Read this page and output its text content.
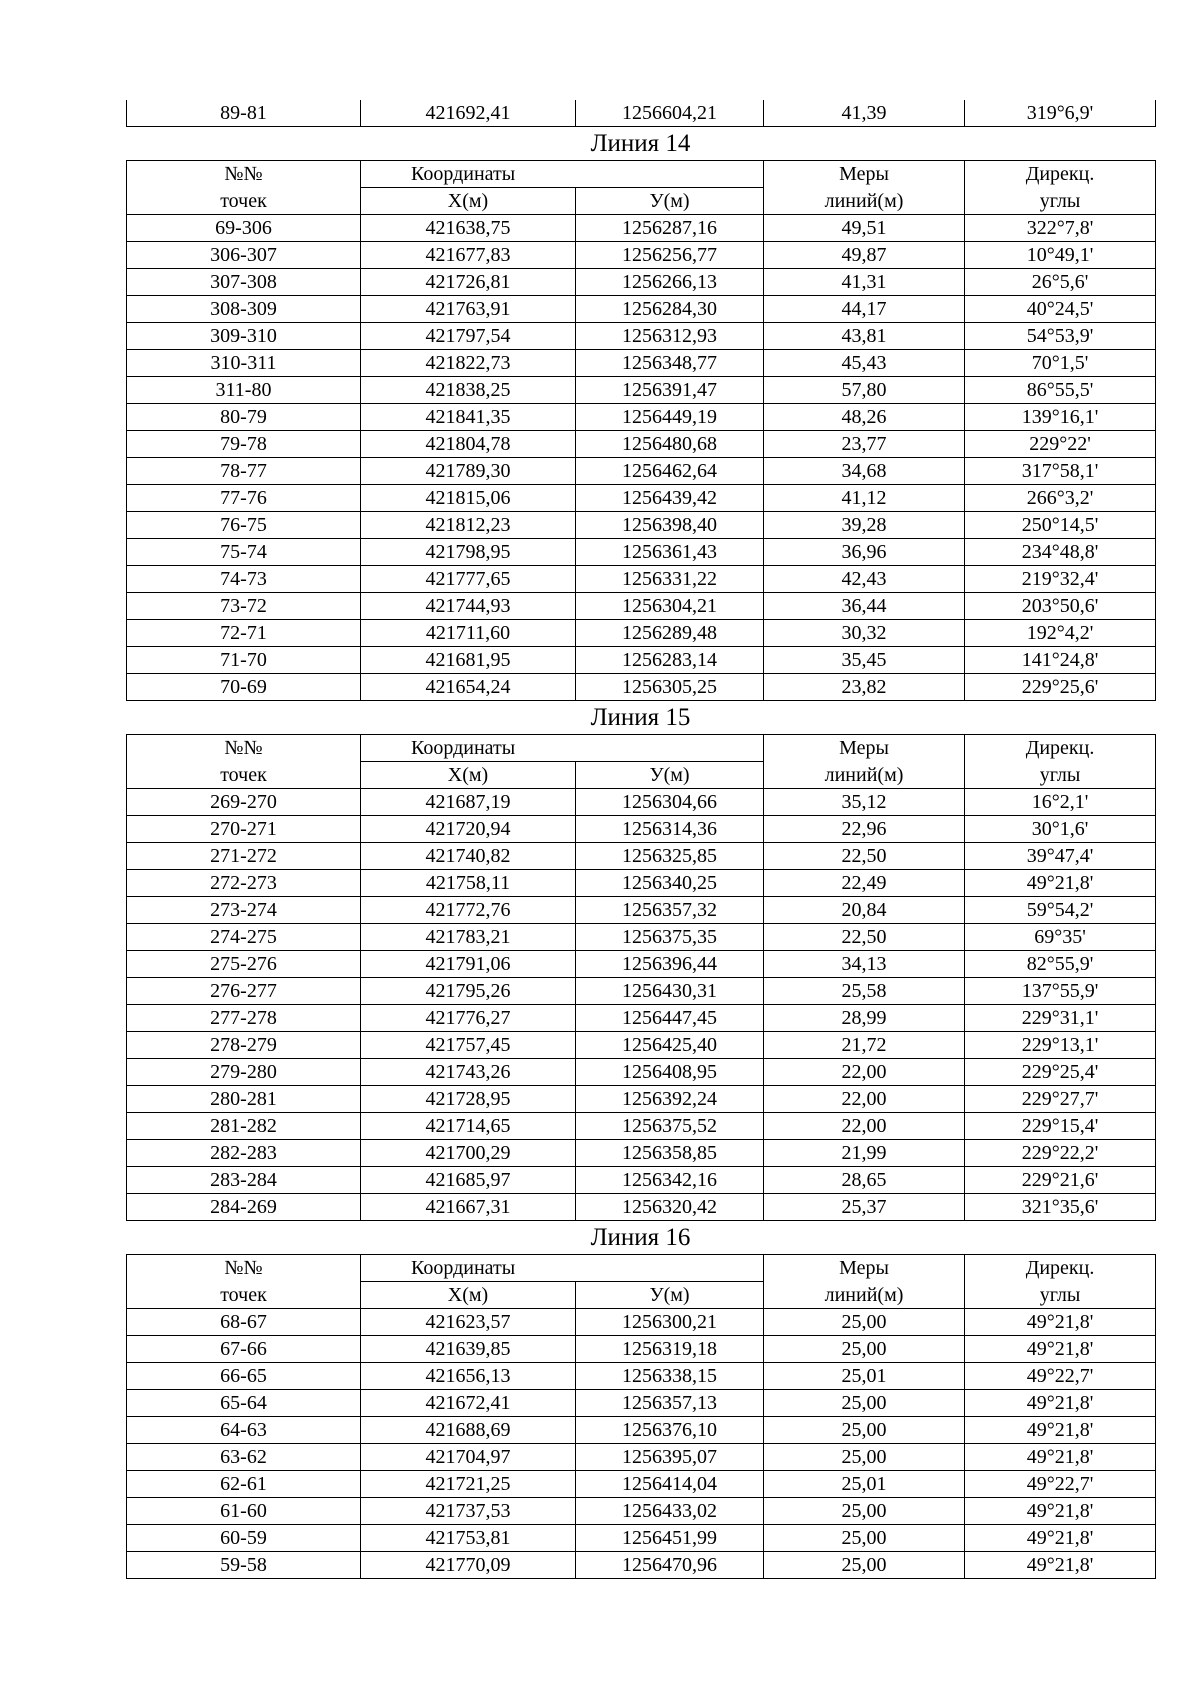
89-81	421692,41	1256604,21	41,39	319°6,9'
Линия 14
№№	Координаты		Меры	Дирекц.
точек	X(м)	У(м)	линий(м)	углы
69-306	421638,75	1256287,16	49,51	322°7,8'
306-307	421677,83	1256256,77	49,87	10°49,1'
307-308	421726,81	1256266,13	41,31	26°5,6'
308-309	421763,91	1256284,30	44,17	40°24,5'
309-310	421797,54	1256312,93	43,81	54°53,9'
310-311	421822,73	1256348,77	45,43	70°1,5'
311-80	421838,25	1256391,47	57,80	86°55,5'
80-79	421841,35	1256449,19	48,26	139°16,1'
79-78	421804,78	1256480,68	23,77	229°22'
78-77	421789,30	1256462,64	34,68	317°58,1'
77-76	421815,06	1256439,42	41,12	266°3,2'
76-75	421812,23	1256398,40	39,28	250°14,5'
75-74	421798,95	1256361,43	36,96	234°48,8'
74-73	421777,65	1256331,22	42,43	219°32,4'
73-72	421744,93	1256304,21	36,44	203°50,6'
72-71	421711,60	1256289,48	30,32	192°4,2'
71-70	421681,95	1256283,14	35,45	141°24,8'
70-69	421654,24	1256305,25	23,82	229°25,6'
Линия 15
№№	Координаты		Меры	Дирекц.
точек	X(м)	У(м)	линий(м)	углы
269-270	421687,19	1256304,66	35,12	16°2,1'
270-271	421720,94	1256314,36	22,96	30°1,6'
271-272	421740,82	1256325,85	22,50	39°47,4'
272-273	421758,11	1256340,25	22,49	49°21,8'
273-274	421772,76	1256357,32	20,84	59°54,2'
274-275	421783,21	1256375,35	22,50	69°35'
275-276	421791,06	1256396,44	34,13	82°55,9'
276-277	421795,26	1256430,31	25,58	137°55,9'
277-278	421776,27	1256447,45	28,99	229°31,1'
278-279	421757,45	1256425,40	21,72	229°13,1'
279-280	421743,26	1256408,95	22,00	229°25,4'
280-281	421728,95	1256392,24	22,00	229°27,7'
281-282	421714,65	1256375,52	22,00	229°15,4'
282-283	421700,29	1256358,85	21,99	229°22,2'
283-284	421685,97	1256342,16	28,65	229°21,6'
284-269	421667,31	1256320,42	25,37	321°35,6'
Линия 16
№№	Координаты		Меры	Дирекц.
точек	X(м)	У(м)	линий(м)	углы
68-67	421623,57	1256300,21	25,00	49°21,8'
67-66	421639,85	1256319,18	25,00	49°21,8'
66-65	421656,13	1256338,15	25,01	49°22,7'
65-64	421672,41	1256357,13	25,00	49°21,8'
64-63	421688,69	1256376,10	25,00	49°21,8'
63-62	421704,97	1256395,07	25,00	49°21,8'
62-61	421721,25	1256414,04	25,01	49°22,7'
61-60	421737,53	1256433,02	25,00	49°21,8'
60-59	421753,81	1256451,99	25,00	49°21,8'
59-58	421770,09	1256470,96	25,00	49°21,8'
